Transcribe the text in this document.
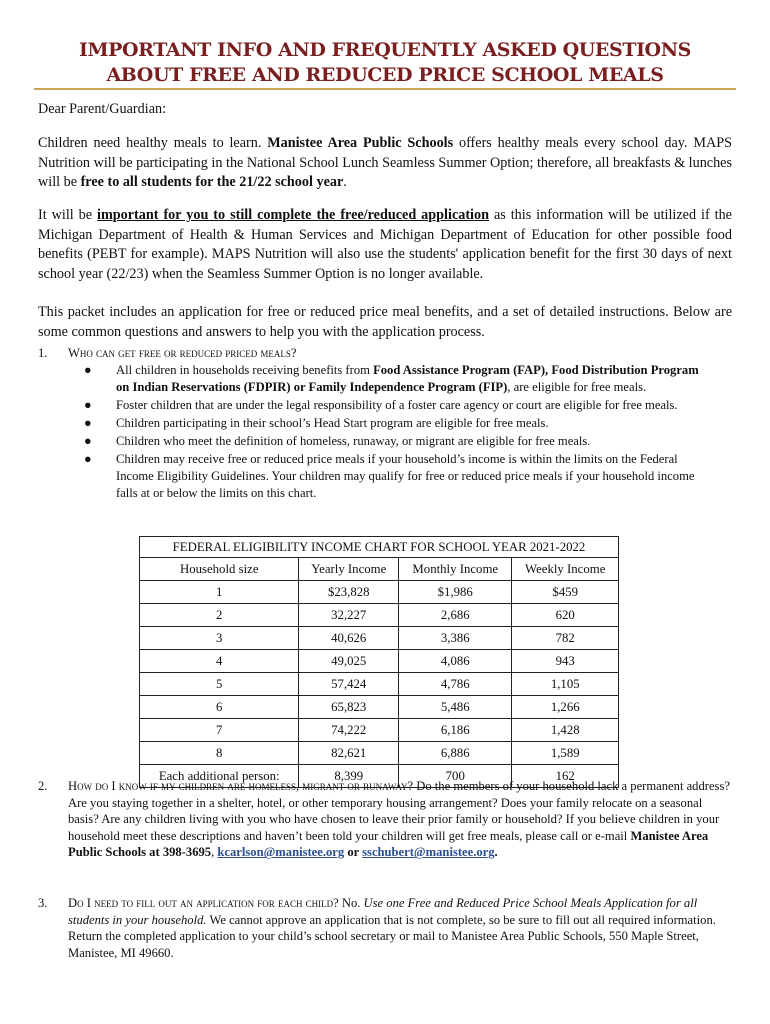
IMPORTANT INFO AND FREQUENTLY ASKED QUESTIONS
ABOUT FREE AND REDUCED PRICE SCHOOL MEALS
Dear Parent/Guardian:
Children need healthy meals to learn. Manistee Area Public Schools offers healthy meals every school day. MAPS Nutrition will be participating in the National School Lunch Seamless Summer Option; therefore, all breakfasts & lunches will be free to all students for the 21/22 school year.
It will be important for you to still complete the free/reduced application as this information will be utilized if the Michigan Department of Health & Human Services and Michigan Department of Education for other possible food benefits (PEBT for example). MAPS Nutrition will also use the students' application benefit for the first 30 days of next school year (22/23) when the Seamless Summer Option is no longer available.
This packet includes an application for free or reduced price meal benefits, and a set of detailed instructions. Below are some common questions and answers to help you with the application process.
1. Who can get free or reduced priced meals?
● All children in households receiving benefits from Food Assistance Program (FAP), Food Distribution Program on Indian Reservations (FDPIR) or Family Independence Program (FIP), are eligible for free meals.
● Foster children that are under the legal responsibility of a foster care agency or court are eligible for free meals.
● Children participating in their school’s Head Start program are eligible for free meals.
● Children who meet the definition of homeless, runaway, or migrant are eligible for free meals.
● Children may receive free or reduced price meals if your household’s income is within the limits on the Federal Income Eligibility Guidelines. Your children may qualify for free or reduced price meals if your household income falls at or below the limits on this chart.
FEDERAL ELIGIBILITY INCOME CHART FOR SCHOOL YEAR 2021-2022			
Household size	Yearly Income	Monthly Income	Weekly Income
1	$23,828	$1,986	$459
2	32,227	2,686	620
3	40,626	3,386	782
4	49,025	4,086	943
5	57,424	4,786	1,105
6	65,823	5,486	1,266
7	74,222	6,186	1,428
8	82,621	6,886	1,589
Each additional person:	8,399	700	162
2. How do I know if my children are homeless, migrant or runaway? Do the members of your household lack a permanent address? Are you staying together in a shelter, hotel, or other temporary housing arrangement? Does your family relocate on a seasonal basis? Are any children living with you who have chosen to leave their prior family or household? If you believe children in your household meet these descriptions and haven’t been told your children will get free meals, please call or e-mail Manistee Area Public Schools at 398-3695, kcarlson@manistee.org or sschubert@manistee.org.
3. Do I need to fill out an application for each child? No. Use one Free and Reduced Price School Meals Application for all students in your household. We cannot approve an application that is not complete, so be sure to fill out all required information. Return the completed application to your child’s school secretary or mail to Manistee Area Public Schools, 550 Maple Street, Manistee, MI 49660.
